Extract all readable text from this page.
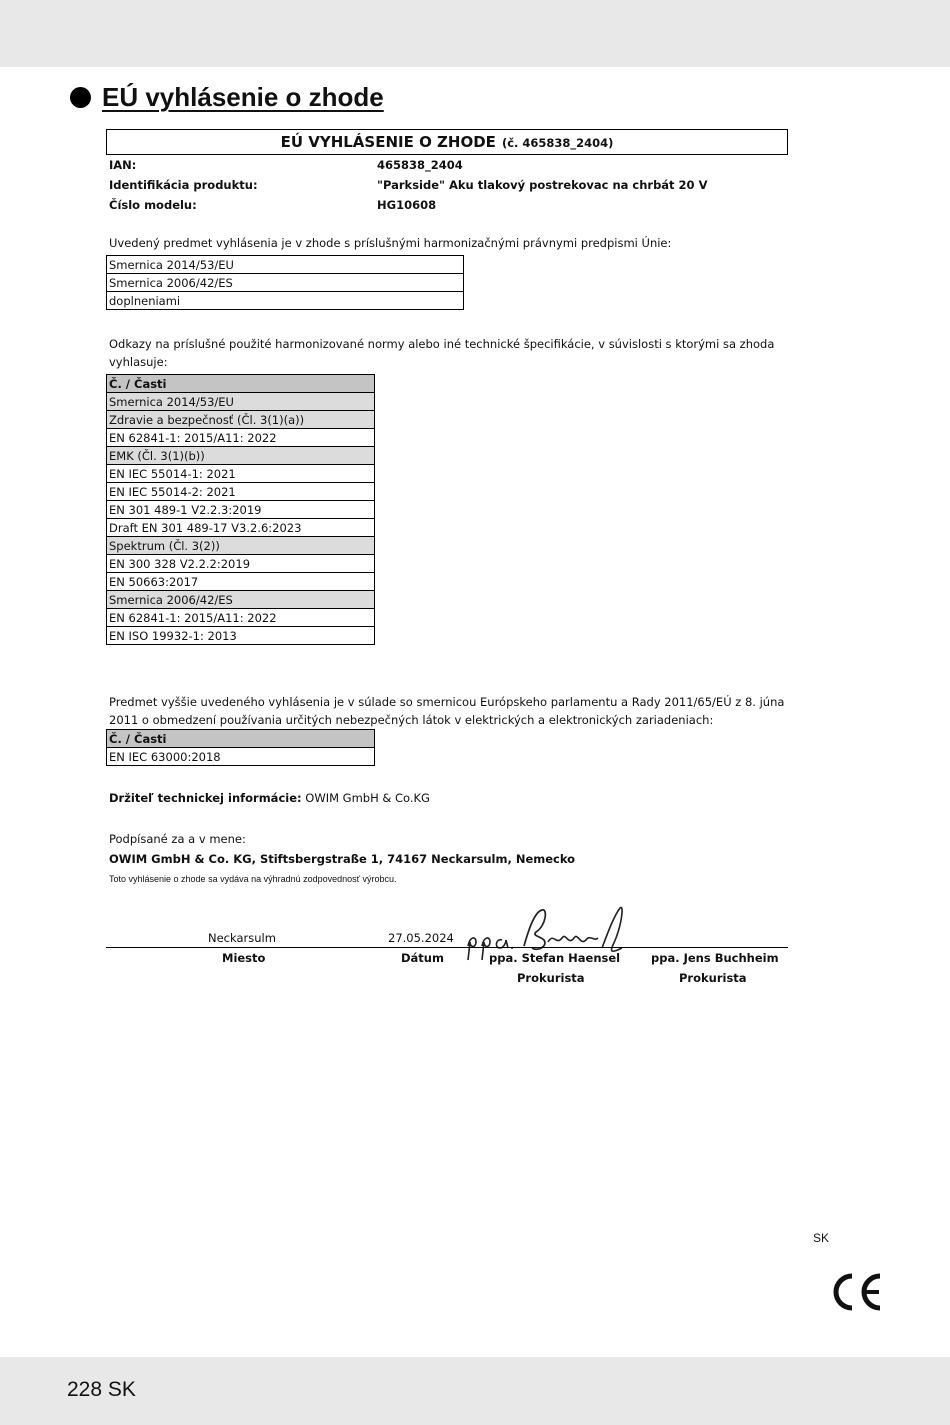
EÚ vyhlásenie o zhode
EÚ VYHLÁSENIE O ZHODE (č. 465838_2404)
IAN:	465838_2404
Identifikácia produktu:	"Parkside" Aku tlakový postrekovac na chrbát 20 V
Číslo modelu:	HG10608
Uvedený predmet vyhlásenia je v zhode s príslušnými harmonizačnými právnymi predpismi Únie:
Smernica 2014/53/EU
Smernica 2006/42/ES
doplneniami
Odkazy na príslušné použité harmonizované normy alebo iné technické špecifikácie, v súvislosti s ktorými sa zhoda vyhlasuje:
Č. / Časti
Smernica 2014/53/EU
Zdravie a bezpečnosť (Čl. 3(1)(a))
EN 62841-1: 2015/A11: 2022
EMK (Čl. 3(1)(b))
EN IEC 55014-1: 2021
EN IEC 55014-2: 2021
EN 301 489-1 V2.2.3:2019
Draft EN 301 489-17 V3.2.6:2023
Spektrum (Čl. 3(2))
EN 300 328 V2.2.2:2019
EN 50663:2017
Smernica 2006/42/ES
EN 62841-1: 2015/A11: 2022
EN ISO 19932-1: 2013
Predmet vyššie uvedeného vyhlásenia je v súlade so smernicou Európskeho parlamentu a Rady 2011/65/EÚ z 8. júna 2011 o obmedzení používania určitých nebezpečných látok v elektrických a elektronických zariadeniach:
Č. / Časti
EN IEC 63000:2018
Držiteľ technickej informácie: OWIM GmbH & Co.KG
Podpísané za a v mene:
OWIM GmbH & Co. KG, Stiftsbergstraße 1, 74167 Neckarsulm, Nemecko
Toto vyhlásenie o zhode sa vydáva na výhradnú zodpovednosť výrobcu.
Neckarsulm	27.05.2024
Miesto	Dátum	ppa. Stefan Haensel	ppa. Jens Buchheim
Prokurista	Prokurista
SK
228 SK
